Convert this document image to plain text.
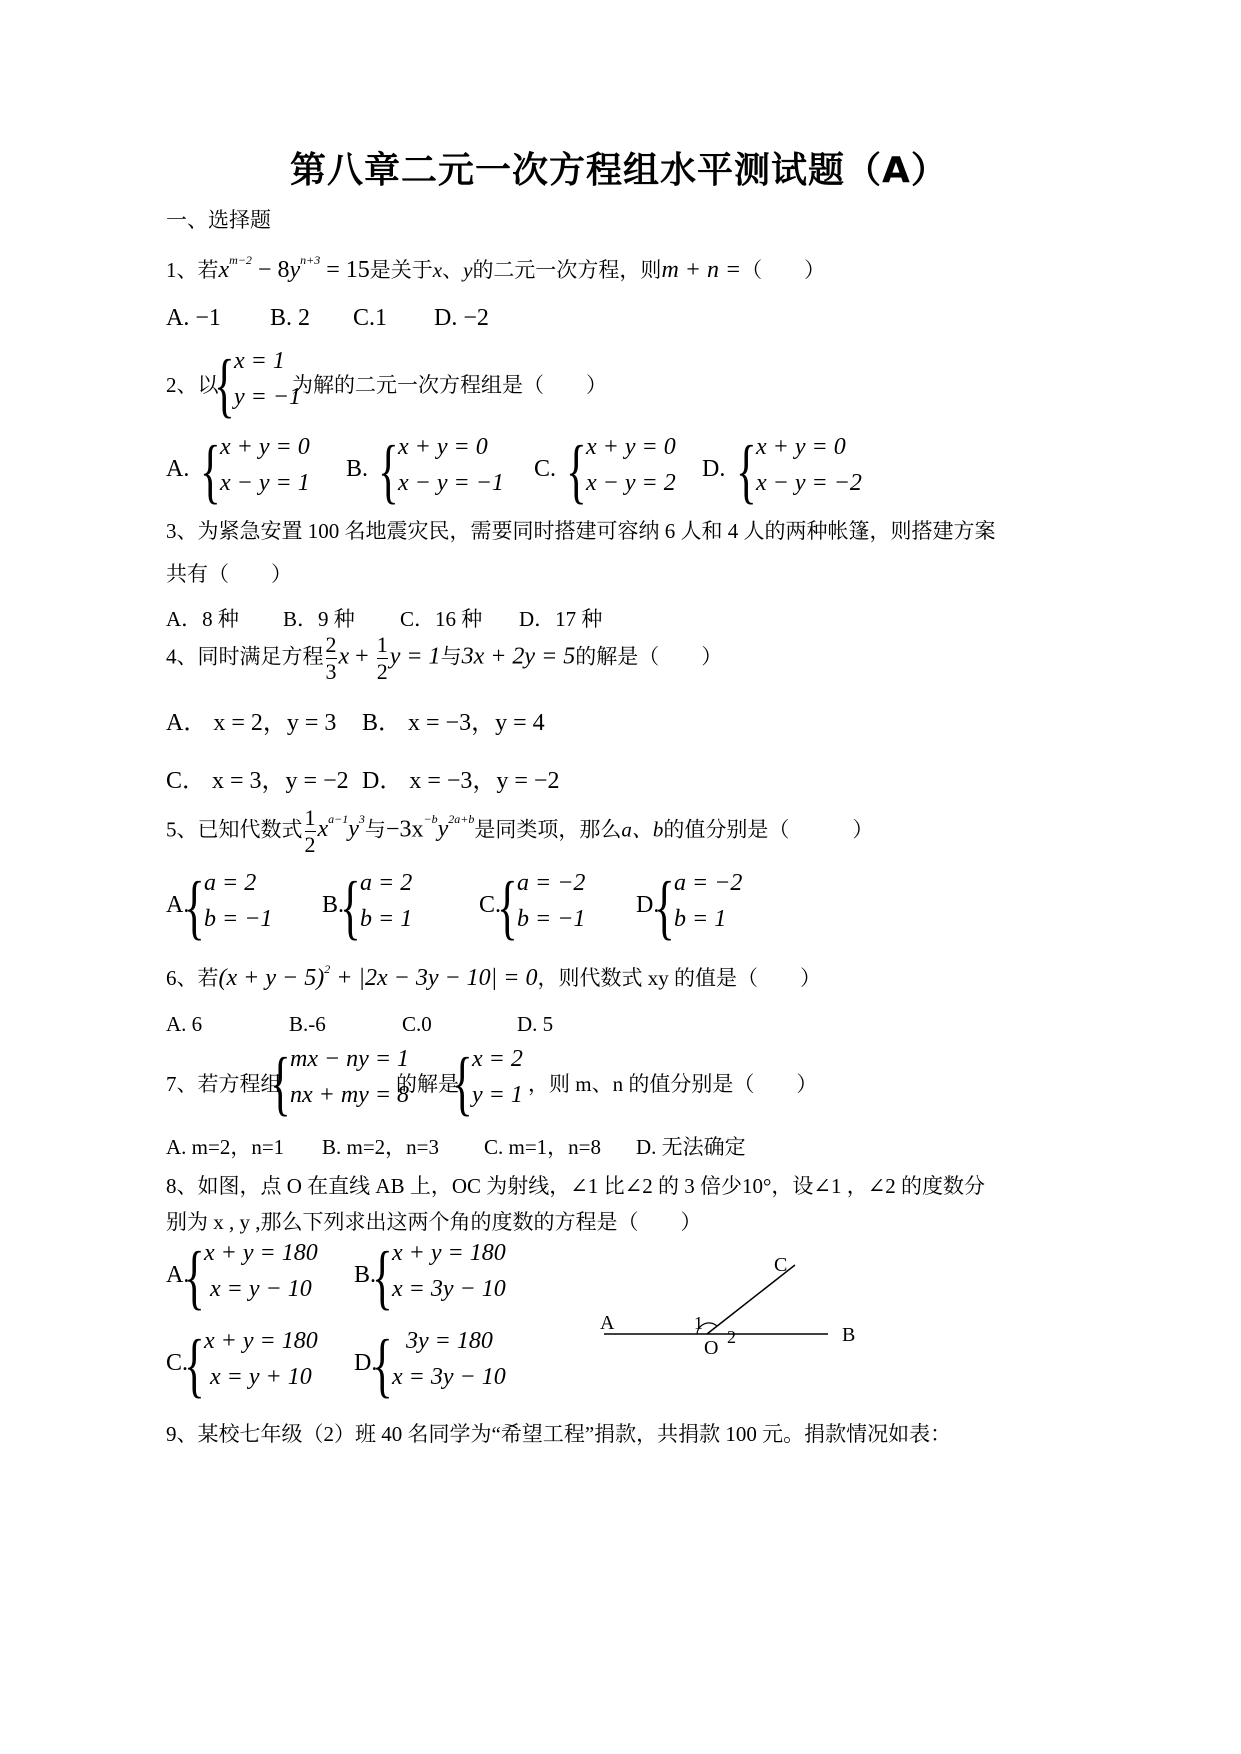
第八章二元一次方程组水平测试题（A）
一、选择题
1、若$x^{m-2} - 8y^{n+3} = 15$是关于x、y的二元一次方程，则m + n =（　　）
A. −1 B. 2 C.1 D. −2
2、以
{ x = 1
y = −1
为解的二元一次方程组是（　　）
A. { x + y = 0
x − y = 1
B. { x + y = 0
x − y = −1
C. { x + y = 0
x − y = 2
D. { x + y = 0
x − y = −2
3、为紧急安置 100 名地震灾民，需要同时搭建可容纳 6 人和 4 人的两种帐篷，则搭建方案
共有（　　）
A．8 种 B．9 种 C．16 种 D．17 种
4、同时满足方程 $\frac{2}{3}$ $x + \frac{1}{2}$ y = 1与3x + 2y = 5的解是（　　）
A． x = 2，y = 3 B． x = −3，y = 4
C． x = 3，y = −2 D． x = −3，y = −2
5、已知代数式 $\frac{1}{2} x^{a-1}y^3$与$-3x^{-b}y^{2a+b}$是同类项，那么a、b的值分别是（　　　）
A.
{ a = 2
b = −1
B.
{ a = 2
b = 1
C.
{ a = −2
b = −1
D.
{ a = −2
b = 1
6、若$(x + y - 5)^2 + |2x - 3y - 10| = 0$，则代数式 xy 的值是（　　）
A. 6	B.-6	C.0	D. 5
7、若方程组
{ mx − ny = 1
nx + my = 8
的解是
{ x = 2
y = 1 ，则 m、n 的值分别是（　　）
A. m=2，n=1 B. m=2，n=3 C. m=1，n=8 D. 无法确定
8、如图，点 O 在直线 AB 上，OC 为射线，∠1 比∠2 的 3 倍少10°，设∠1 ，∠2 的度数分
别为 x , y ,那么下列求出这两个角的度数的方程是（　　）
A.
{ x + y = 180
x = y − 10
B.
{ x + y = 180
x = 3y − 10
C.
{ x + y = 180
x = y + 10
D.
{ 3y = 180
x = 3y − 10
A
B
C
O
1
2
9、某校七年级（2）班 40 名同学为“希望工程”捐款，共捐款 100 元。捐款情况如表：
